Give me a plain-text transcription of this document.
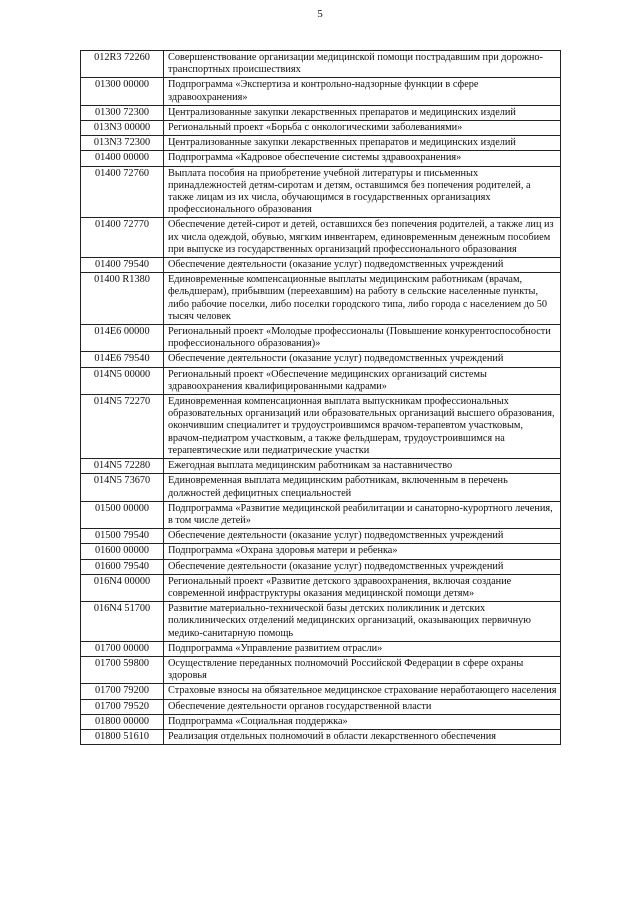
5
012R3 72260	Совершенствование организации медицинской помощи пострадавшим при дорожно-транспортных происшествиях
01300 00000	Подпрограмма «Экспертиза и контрольно-надзорные функции в сфере здравоохранения»
01300 72300	Централизованные закупки лекарственных препаратов и медицинских изделий
013N3 00000	Региональный проект «Борьба с онкологическими заболеваниями»
013N3 72300	Централизованные закупки лекарственных препаратов и медицинских изделий
01400 00000	Подпрограмма «Кадровое обеспечение системы здравоохранения»
01400 72760	Выплата пособия на приобретение учебной литературы и письменных принадлежностей детям-сиротам и детям, оставшимся без попечения родителей, а также лицам из их числа, обучающимся в государственных организациях профессионального образования
01400 72770	Обеспечение детей-сирот и детей, оставшихся без попечения родителей, а также лиц из их числа одеждой, обувью, мягким инвентарем, единовременным денежным пособием при выпуске из государственных организаций профессионального образования
01400 79540	Обеспечение деятельности (оказание услуг) подведомственных учреждений
01400 R1380	Единовременные компенсационные выплаты медицинским работникам (врачам, фельдшерам), прибывшим (переехавшим) на работу в сельские населенные пункты, либо рабочие поселки, либо поселки городского типа, либо города с населением до 50 тысяч человек
014E6 00000	Региональный проект «Молодые профессионалы (Повышение конкурентоспособности профессионального образования)»
014E6 79540	Обеспечение деятельности (оказание услуг) подведомственных учреждений
014N5 00000	Региональный проект «Обеспечение медицинских организаций системы здравоохранения квалифицированными кадрами»
014N5 72270	Единовременная компенсационная выплата выпускникам профессиональных образовательных организаций или образовательных организаций высшего образования, окончившим специалитет и трудоустроившимся врачом-терапевтом участковым, врачом-педиатром участковым, а также фельдшерам, трудоустроившимся на терапевтические или педиатрические участки
014N5 72280	Ежегодная выплата медицинским работникам за наставничество
014N5 73670	Единовременная выплата медицинским работникам, включенным в перечень должностей дефицитных специальностей
01500 00000	Подпрограмма «Развитие медицинской реабилитации и санаторно-курортного лечения, в том числе детей»
01500 79540	Обеспечение деятельности (оказание услуг) подведомственных учреждений
01600 00000	Подпрограмма «Охрана здоровья матери и ребенка»
01600 79540	Обеспечение деятельности (оказание услуг) подведомственных учреждений
016N4 00000	Региональный проект «Развитие детского здравоохранения, включая создание современной инфраструктуры оказания медицинской помощи детям»
016N4 51700	Развитие материально-технической базы детских поликлиник и детских поликлинических отделений медицинских организаций, оказывающих первичную медико-санитарную помощь
01700 00000	Подпрограмма «Управление развитием отрасли»
01700 59800	Осуществление переданных полномочий Российской Федерации в сфере охраны здоровья
01700 79200	Страховые взносы на обязательное медицинское страхование неработающего населения
01700 79520	Обеспечение деятельности органов государственной власти
01800 00000	Подпрограмма «Социальная поддержка»
01800 51610	Реализация отдельных полномочий в области лекарственного обеспечения
